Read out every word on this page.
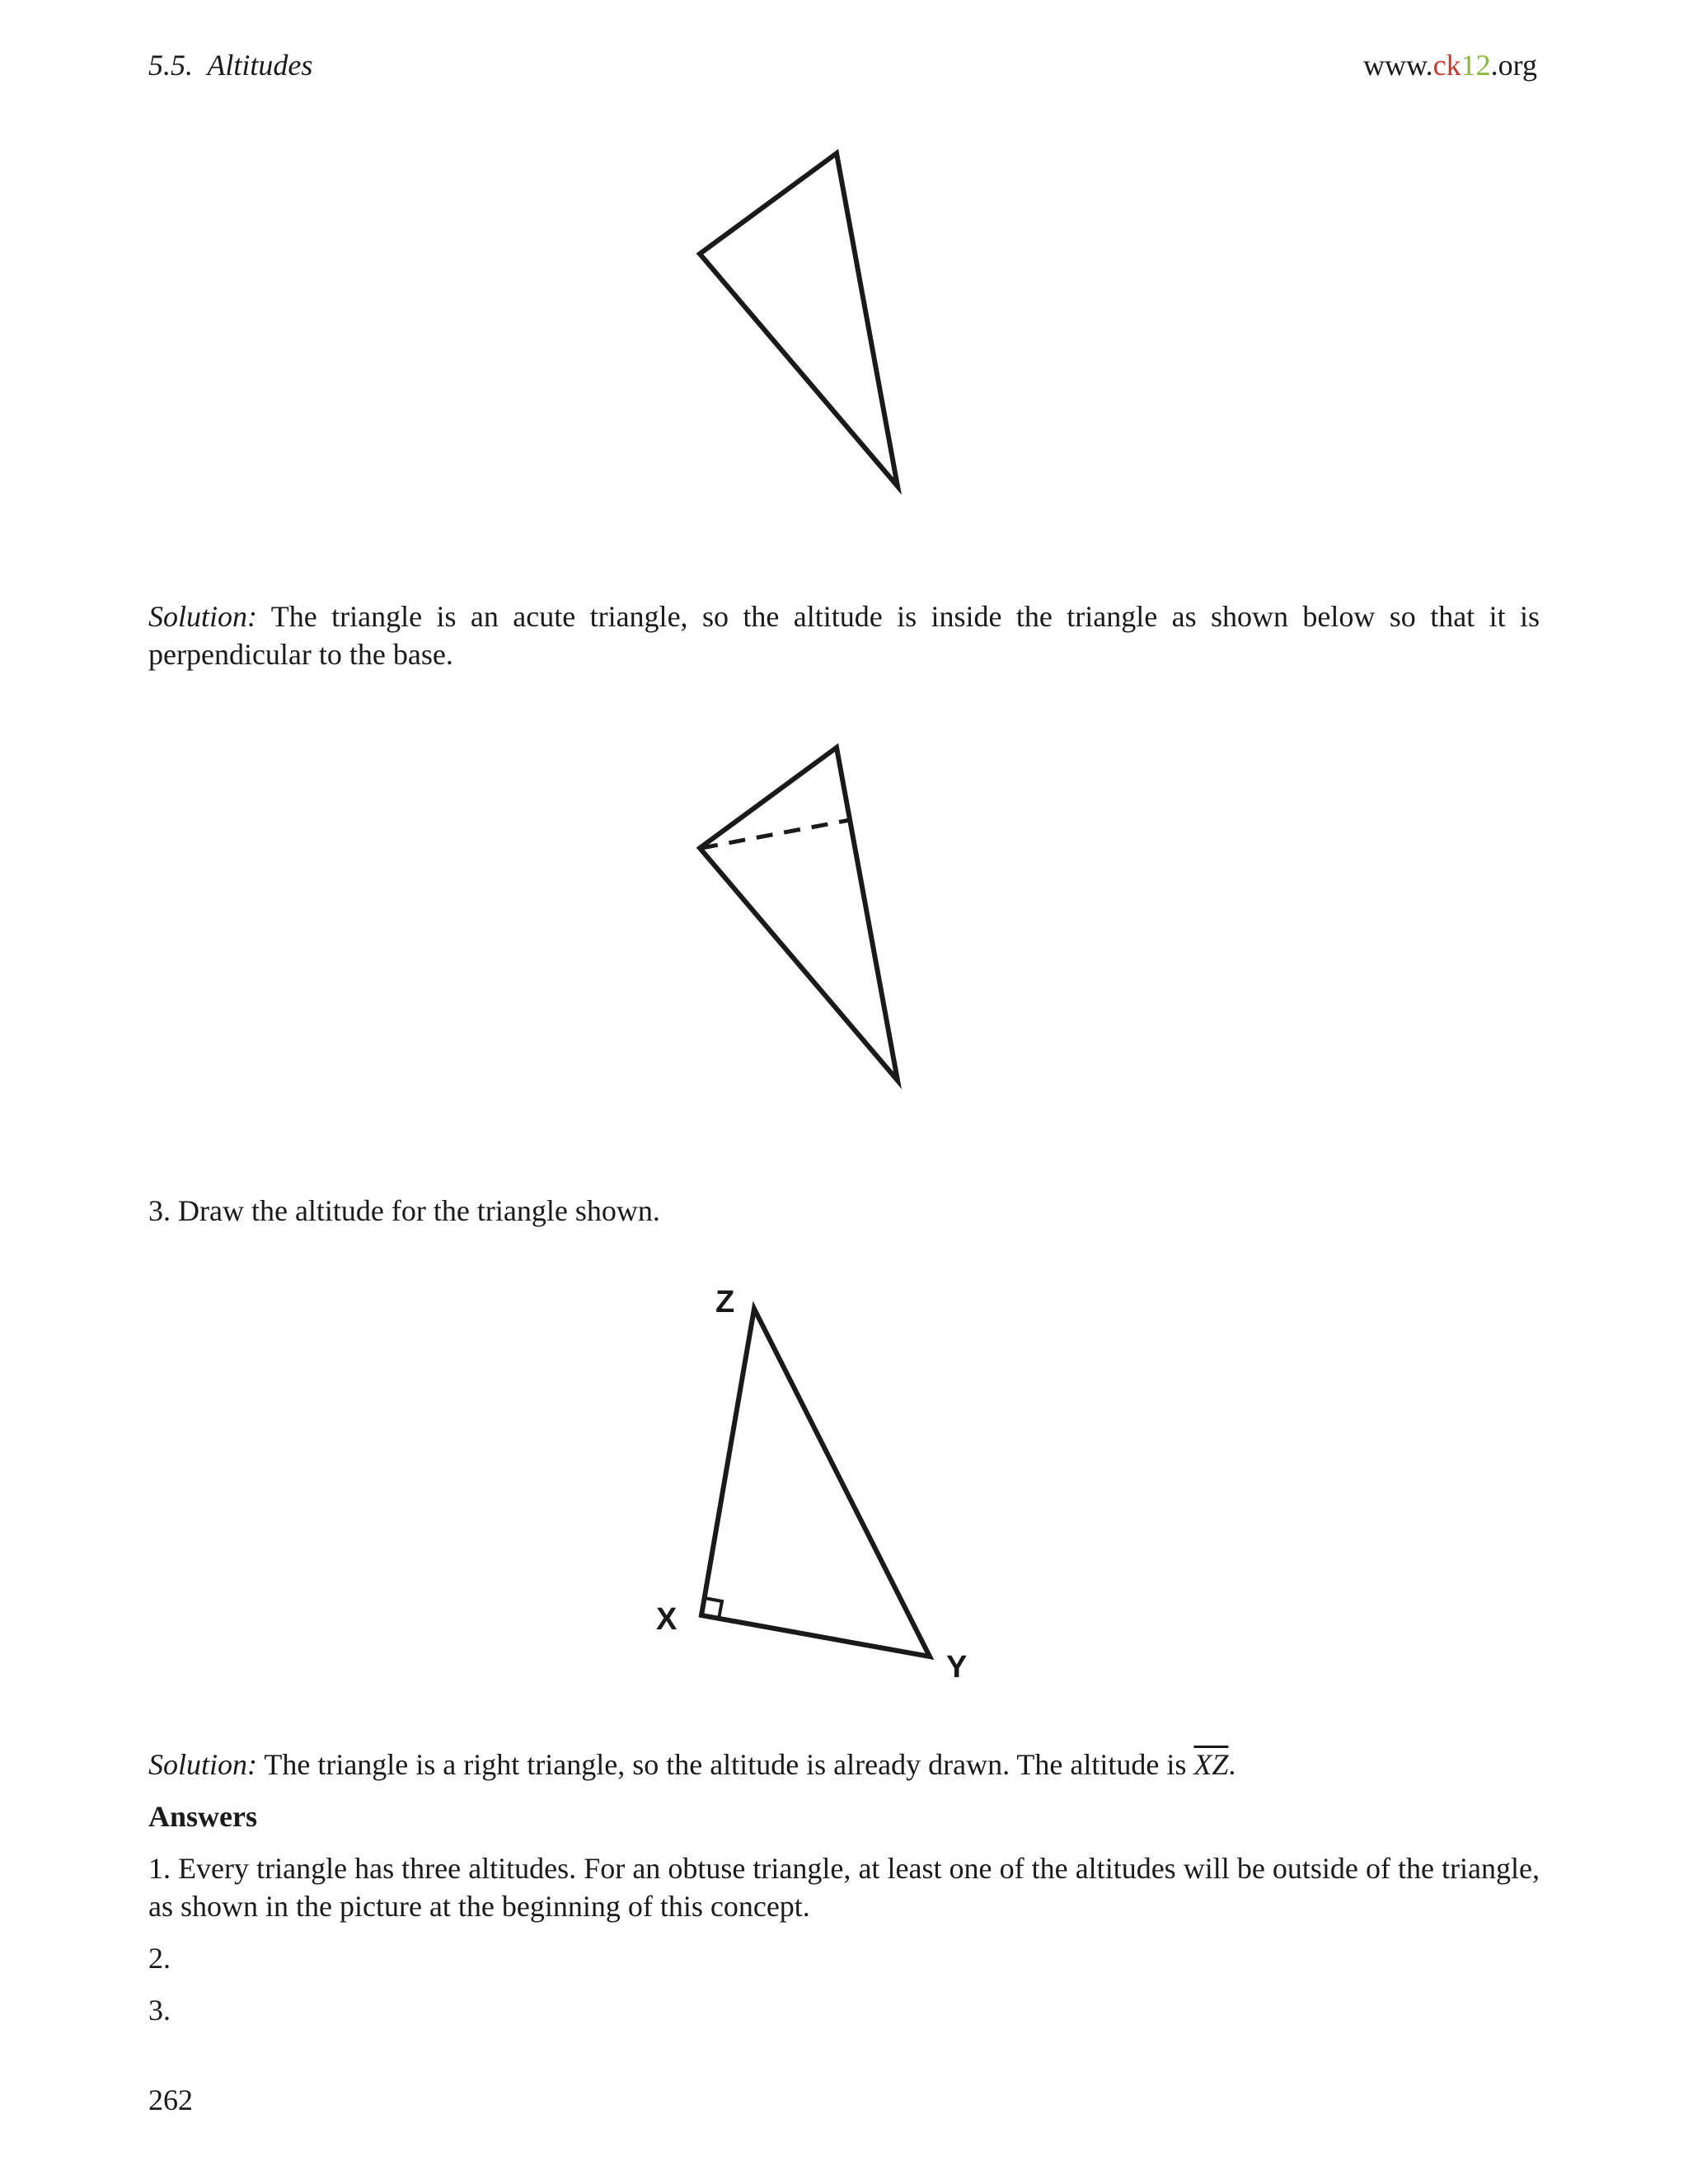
5.5. Altitudes	www.ck12.org
Solution: The triangle is an acute triangle, so the altitude is inside the triangle as shown below so that it is perpendicular to the base.
3. Draw the altitude for the triangle shown.
Z
X
Y
Solution: The triangle is a right triangle, so the altitude is already drawn. The altitude is $\overline{XZ}$.
Answers
1. Every triangle has three altitudes. For an obtuse triangle, at least one of the altitudes will be outside of the triangle, as shown in the picture at the beginning of this concept.
2.
3.
262
